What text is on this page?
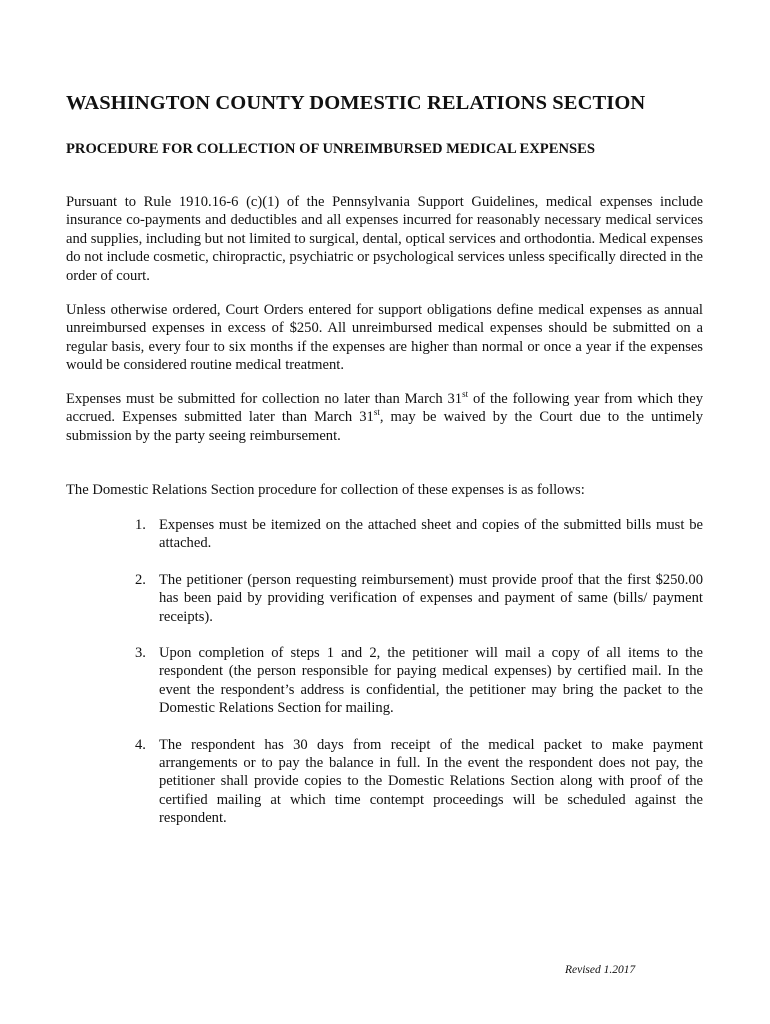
WASHINGTON COUNTY DOMESTIC RELATIONS SECTION
PROCEDURE FOR COLLECTION OF UNREIMBURSED MEDICAL EXPENSES

Pursuant to Rule 1910.16-6 (c)(1) of the Pennsylvania Support Guidelines, medical expenses include insurance co-payments and deductibles and all expenses incurred for reasonably necessary medical services and supplies, including but not limited to surgical, dental, optical services and orthodontia. Medical expenses do not include cosmetic, chiropractic, psychiatric or psychological services unless specifically directed in the order of court.

Unless otherwise ordered, Court Orders entered for support obligations define medical expenses as annual unreimbursed expenses in excess of $250. All unreimbursed medical expenses should be submitted on a regular basis, every four to six months if the expenses are higher than normal or once a year if the expenses would be considered routine medical treatment.

Expenses must be submitted for collection no later than March 31st of the following year from which they accrued. Expenses submitted later than March 31st, may be waived by the Court due to the untimely submission by the party seeing reimbursement.

The Domestic Relations Section procedure for collection of these expenses is as follows:

1. Expenses must be itemized on the attached sheet and copies of the submitted bills must be attached.
2. The petitioner (person requesting reimbursement) must provide proof that the first $250.00 has been paid by providing verification of expenses and payment of same (bills/ payment receipts).
3. Upon completion of steps 1 and 2, the petitioner will mail a copy of all items to the respondent (the person responsible for paying medical expenses) by certified mail. In the event the respondent’s address is confidential, the petitioner may bring the packet to the Domestic Relations Section for mailing.
4. The respondent has 30 days from receipt of the medical packet to make payment arrangements or to pay the balance in full. In the event the respondent does not pay, the petitioner shall provide copies to the Domestic Relations Section along with proof of the certified mailing at which time contempt proceedings will be scheduled against the respondent.
Revised 1.2017
